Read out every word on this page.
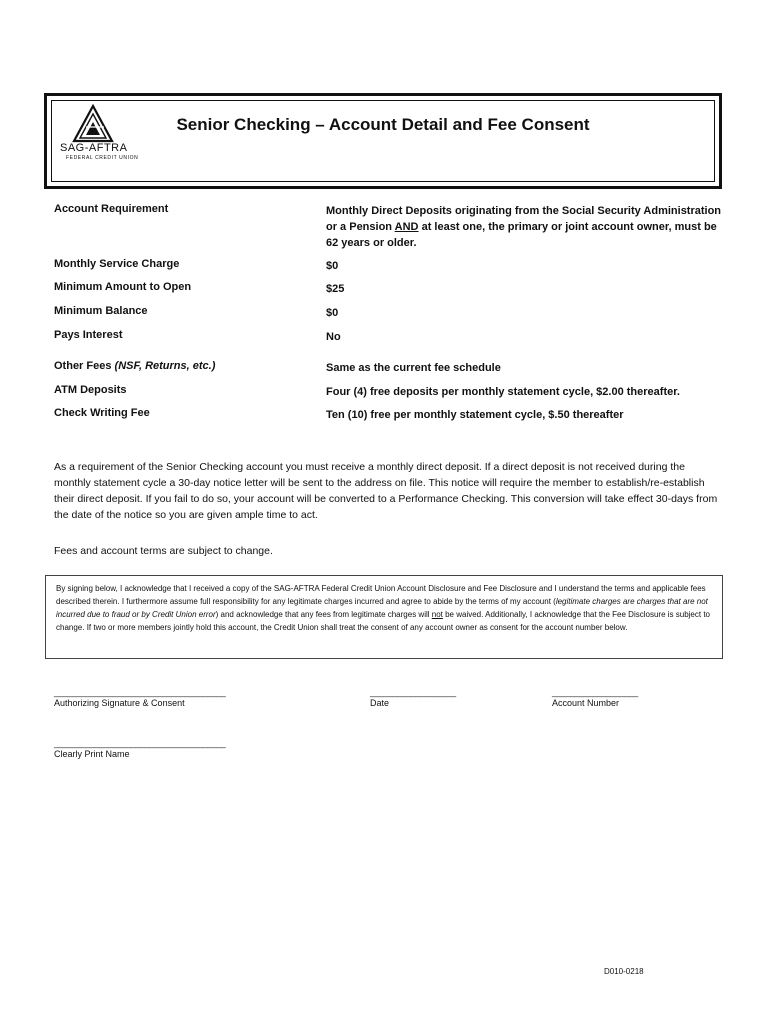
SAG-AFTRA
FEDERAL CREDIT UNION
Senior Checking – Account Detail and Fee Consent
Account Requirement	Monthly Direct Deposits originating from the Social Security Administration or a Pension AND at least one, the primary or joint account owner, must be 62 years or older.
Monthly Service Charge	$0
Minimum Amount to Open	$25
Minimum Balance	$0
Pays Interest	No
Other Fees (NSF, Returns, etc.)	Same as the current fee schedule
ATM Deposits	Four (4) free deposits per monthly statement cycle, $2.00 thereafter.
Check Writing Fee	Ten (10) free per monthly statement cycle, $.50 thereafter
As a requirement of the Senior Checking account you must receive a monthly direct deposit. If a direct deposit is not received during the monthly statement cycle a 30-day notice letter will be sent to the address on file. This notice will require the member to establish/re-establish their direct deposit. If you fail to do so, your account will be converted to a Performance Checking. This conversion will take effect 30-days from the date of the notice so you are given ample time to act.
Fees and account terms are subject to change.
By signing below, I acknowledge that I received a copy of the SAG-AFTRA Federal Credit Union Account Disclosure and Fee Disclosure and I understand the terms and applicable fees described therein. I furthermore assume full responsibility for any legitimate charges incurred and agree to abide by the terms of my account (legitimate charges are charges that are not incurred due to fraud or by Credit Union error) and acknowledge that any fees from legitimate charges will not be waived. Additionally, I acknowledge that the Fee Disclosure is subject to change. If two or more members jointly hold this account, the Credit Union shall treat the consent of any account owner as consent for the account number below.
______________________________________
Authorizing Signature & Consent
___________________
Date
___________________
Account Number
______________________________________
Clearly Print Name
D010-0218
